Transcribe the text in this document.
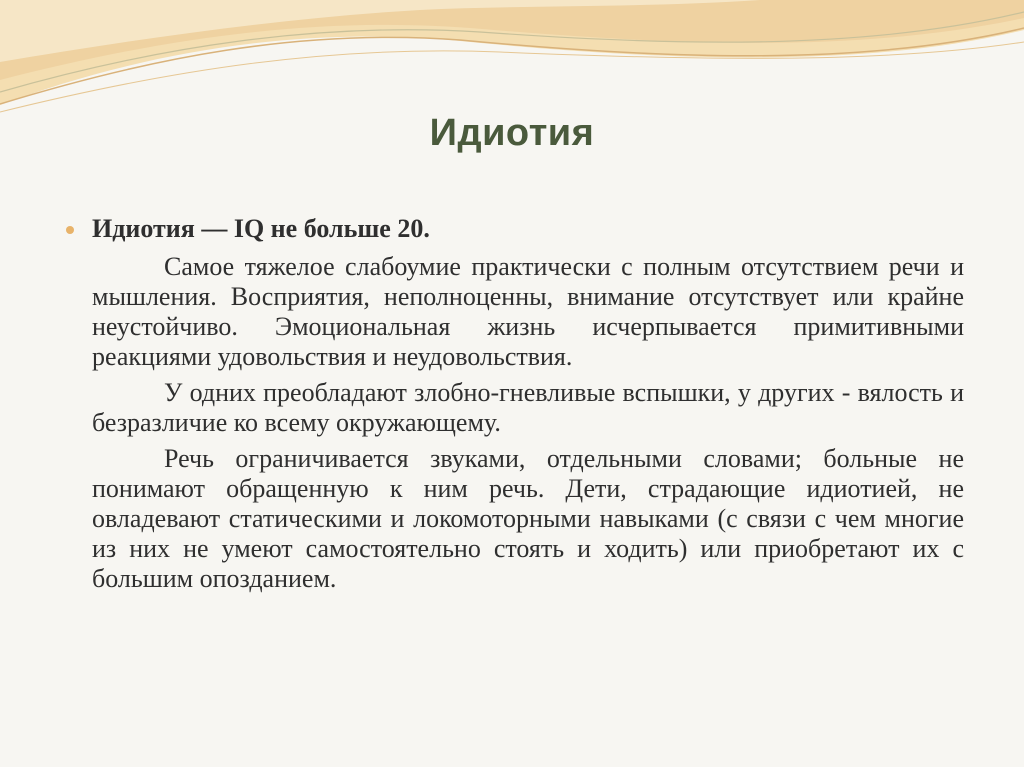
Идиотия
Идиотия — IQ не больше 20.

Самое тяжелое слабоумие практически с полным отсутствием речи и мышления. Восприятия, неполноценны, внимание отсутствует или крайне неустойчиво. Эмоциональная жизнь исчерпывается примитивными реакциями удовольствия и неудовольствия.

У одних преобладают злобно-гневливые вспышки, у других - вялость и безразличие ко всему окружающему.

Речь ограничивается звуками, отдельными словами; больные не понимают обращенную к ним речь. Дети, страдающие идиотией, не овладевают статическими и локомоторными навыками (с связи с чем многие из них не умеют самостоятельно стоять и ходить) или приобретают их с большим опозданием.
